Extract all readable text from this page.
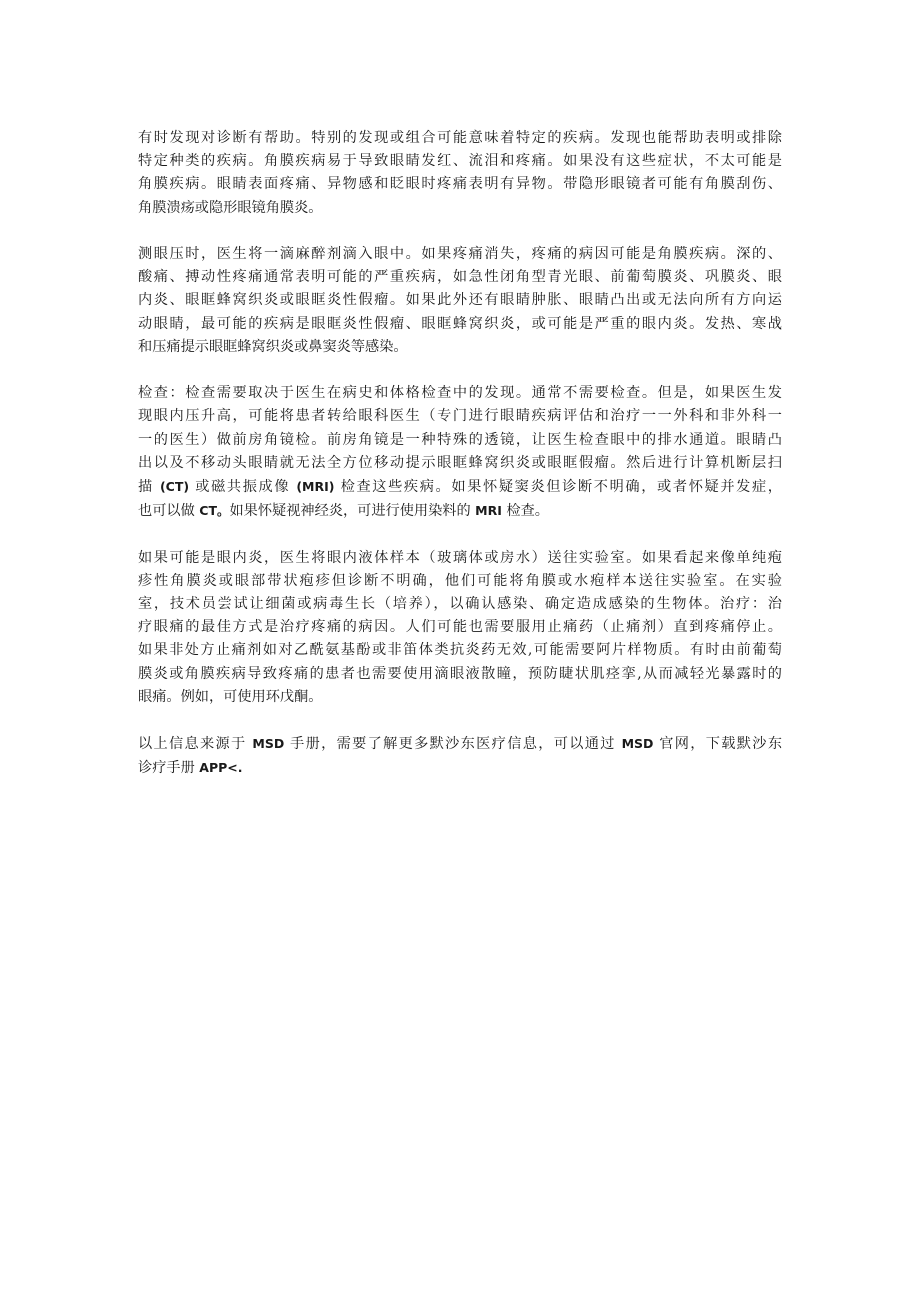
有时发现对诊断有帮助。特别的发现或组合可能意味着特定的疾病。发现也能帮助表明或排除
特定种类的疾病。角膜疾病易于导致眼睛发红、流泪和疼痛。如果没有这些症状，不太可能是
角膜疾病。眼睛表面疼痛、异物感和眨眼时疼痛表明有异物。带隐形眼镜者可能有角膜刮伤、
角膜溃疡或隐形眼镜角膜炎。

测眼压时，医生将一滴麻醉剂滴入眼中。如果疼痛消失，疼痛的病因可能是角膜疾病。深的、
酸痛、搏动性疼痛通常表明可能的严重疾病，如急性闭角型青光眼、前葡萄膜炎、巩膜炎、眼
内炎、眼眶蜂窝织炎或眼眶炎性假瘤。如果此外还有眼睛肿胀、眼睛凸出或无法向所有方向运
动眼睛，最可能的疾病是眼眶炎性假瘤、眼眶蜂窝织炎，或可能是严重的眼内炎。发热、寒战
和压痛提示眼眶蜂窝织炎或鼻窦炎等感染。

检查：检查需要取决于医生在病史和体格检查中的发现。通常不需要检查。但是，如果医生发
现眼内压升高，可能将患者转给眼科医生（专门进行眼睛疾病评估和治疗一一外科和非外科一
一的医生）做前房角镜检。前房角镜是一种特殊的透镜，让医生检查眼中的排水通道。眼睛凸
出以及不移动头眼睛就无法全方位移动提示眼眶蜂窝织炎或眼眶假瘤。然后进行计算机断层扫
描 (CT) 或磁共振成像 (MRI) 检查这些疾病。如果怀疑窦炎但诊断不明确，或者怀疑并发症，
也可以做 CT。如果怀疑视神经炎，可进行使用染料的 MRI 检查。

如果可能是眼内炎，医生将眼内液体样本（玻璃体或房水）送往实验室。如果看起来像单纯疱
疹性角膜炎或眼部带状疱疹但诊断不明确，他们可能将角膜或水疱样本送往实验室。在实验
室，技术员尝试让细菌或病毒生长（培养），以确认感染、确定造成感染的生物体。治疗：治
疗眼痛的最佳方式是治疗疼痛的病因。人们可能也需要服用止痛药（止痛剂）直到疼痛停止。
如果非处方止痛剂如对乙酰氨基酚或非笛体类抗炎药无效,可能需要阿片样物质。有时由前葡萄
膜炎或角膜疾病导致疼痛的患者也需要使用滴眼液散瞳，预防睫状肌痉挛,从而减轻光暴露时的
眼痛。例如，可使用环戊酮。

以上信息来源于 MSD 手册，需要了解更多默沙东医疗信息，可以通过 MSD 官网，下载默沙东
诊疗手册 APP<.
